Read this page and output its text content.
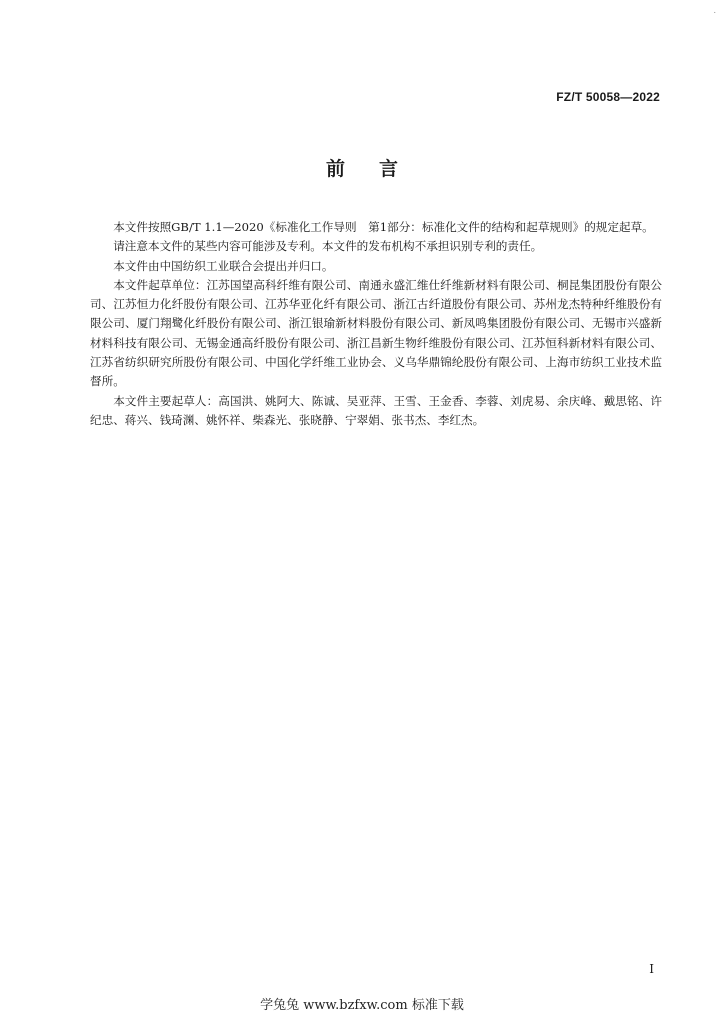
.
FZ/T 50058—2022
前言

本文件按照GB/T 1.1—2020《标准化工作导则　第1部分：标准化文件的结构和起草规则》的规定起草。

请注意本文件的某些内容可能涉及专利。本文件的发布机构不承担识别专利的责任。

本文件由中国纺织工业联合会提出并归口。

本文件起草单位：江苏国望高科纤维有限公司、南通永盛汇维仕纤维新材料有限公司、桐昆集团股份有限公司、江苏恒力化纤股份有限公司、江苏华亚化纤有限公司、浙江古纤道股份有限公司、苏州龙杰特种纤维股份有限公司、厦门翔鹭化纤股份有限公司、浙江银瑜新材料股份有限公司、新凤鸣集团股份有限公司、无锡市兴盛新材料科技有限公司、无锡金通高纤股份有限公司、浙江昌新生物纤维股份有限公司、江苏恒科新材料有限公司、江苏省纺织研究所股份有限公司、中国化学纤维工业协会、义乌华鼎锦纶股份有限公司、上海市纺织工业技术监督所。

本文件主要起草人：高国洪、姚阿大、陈诚、吴亚萍、王雪、王金香、李蓉、刘虎易、余庆峰、戴思铭、许纪忠、蒋兴、钱琦渊、姚怀祥、柴森光、张晓静、宁翠娟、张书杰、李红杰。

I
学兔兔 www.bzfxw.com 标准下载
